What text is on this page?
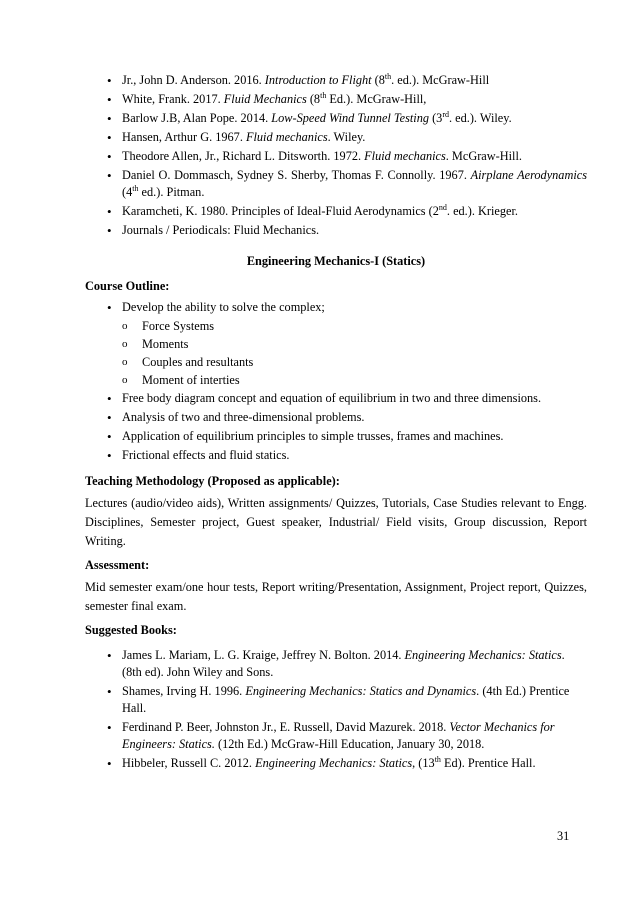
• Jr., John D. Anderson. 2016. Introduction to Flight (8th. ed.). McGraw-Hill
• White, Frank. 2017. Fluid Mechanics (8th Ed.). McGraw-Hill,
• Barlow J.B, Alan Pope. 2014. Low-Speed Wind Tunnel Testing (3rd. ed.). Wiley.
• Hansen, Arthur G. 1967. Fluid mechanics. Wiley.
• Theodore Allen, Jr., Richard L. Ditsworth. 1972. Fluid mechanics. McGraw-Hill.
• Daniel O. Dommasch, Sydney S. Sherby, Thomas F. Connolly. 1967. Airplane Aerodynamics (4th ed.). Pitman.
• Karamcheti, K. 1980. Principles of Ideal-Fluid Aerodynamics (2nd. ed.). Krieger.
• Journals / Periodicals: Fluid Mechanics.
Engineering Mechanics-I (Statics)
Course Outline:
• Develop the ability to solve the complex;
o Force Systems
o Moments
o Couples and resultants
o Moment of interties
• Free body diagram concept and equation of equilibrium in two and three dimensions.
• Analysis of two and three-dimensional problems.
• Application of equilibrium principles to simple trusses, frames and machines.
• Frictional effects and fluid statics.
Teaching Methodology (Proposed as applicable):

Lectures (audio/video aids), Written assignments/ Quizzes, Tutorials, Case Studies relevant to Engg. Disciplines, Semester project, Guest speaker, Industrial/ Field visits, Group discussion, Report Writing.

Assessment:

Mid semester exam/one hour tests, Report writing/Presentation, Assignment, Project report, Quizzes, semester final exam.

Suggested Books:
• James L. Mariam, L. G. Kraige, Jeffrey N. Bolton. 2014. Engineering Mechanics: Statics. (8th ed). John Wiley and Sons.
• Shames, Irving H. 1996. Engineering Mechanics: Statics and Dynamics. (4th Ed.) Prentice Hall.
• Ferdinand P. Beer, Johnston Jr., E. Russell, David Mazurek. 2018. Vector Mechanics for Engineers: Statics. (12th Ed.) McGraw-Hill Education, January 30, 2018.
• Hibbeler, Russell C. 2012. Engineering Mechanics: Statics, (13th Ed). Prentice Hall.
31
